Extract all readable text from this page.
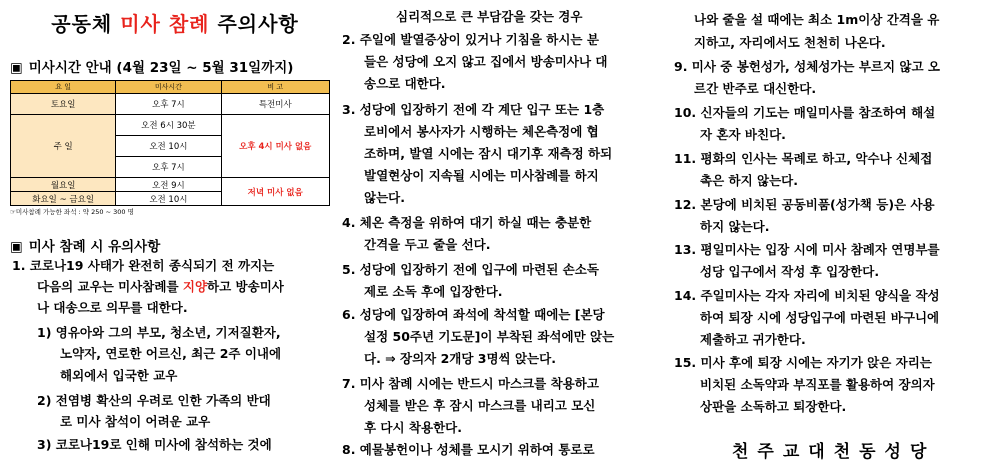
공동체 미사 참례 주의사항
▣ 미사시간 안내 (4월 23일 ~ 5월 31일까지)
요 일	미사시간	비 고
토요일	오후 7시	특전미사
주 일	오전 6시 30분	오후 4시 미사 없음
	오전 10시	
	오후 7시	
월요일	오전 9시	저녁 미사 없음
화요일 ~ 금요일	오전 10시	
☞미사참례 가능한 좌석 : 약 250 ~ 300 명
▣ 미사 참례 시 유의사항
1. 코로나19 사태가 완전히 종식되기 전 까지는
다음의 교우는 미사참례를 지양하고 방송미사
나 대송으로 의무를 대한다.
1) 영유아와 그의 부모, 청소년, 기저질환자,
노약자, 연로한 어르신, 최근 2주 이내에
해외에서 입국한 교우
2) 전염병 확산의 우려로 인한 가족의 반대
로 미사 참석이 어려운 교우
3) 코로나19로 인해 미사에 참석하는 것에
심리적으로 큰 부담감을 갖는 경우
2. 주일에 발열증상이 있거나 기침을 하시는 분
들은 성당에 오지 않고 집에서 방송미사나 대
송으로 대한다.
3. 성당에 입장하기 전에 각 계단 입구 또는 1층
로비에서 봉사자가 시행하는 체온측정에 협
조하며, 발열 시에는 잠시 대기후 재측정 하되
발열현상이 지속될 시에는 미사참례를 하지
않는다.
4. 체온 측정을 위하여 대기 하실 때는 충분한
간격을 두고 줄을 선다.
5. 성당에 입장하기 전에 입구에 마련된 손소독
제로 소독 후에 입장한다.
6. 성당에 입장하여 좌석에 착석할 때에는 [본당
설정 50주년 기도문]이 부착된 좌석에만 앉는
다. ⇒ 장의자 2개당 3명씩 앉는다.
7. 미사 참례 시에는 반드시 마스크를 착용하고
성체를 받은 후 잠시 마스크를 내리고 모신
후 다시 착용한다.
8. 예물봉헌이나 성체를 모시기 위하여 통로로
나와 줄을 설 때에는 최소 1m이상 간격을 유
지하고, 자리에서도 천천히 나온다.
9. 미사 중 봉헌성가, 성체성가는 부르지 않고 오
르간 반주로 대신한다.
10. 신자들의 기도는 매일미사를 참조하여 해설
자 혼자 바친다.
11. 평화의 인사는 목례로 하고, 악수나 신체접
촉은 하지 않는다.
12. 본당에 비치된 공동비품(성가책 등)은 사용
하지 않는다.
13. 평일미사는 입장 시에 미사 참례자 연명부를
성당 입구에서 작성 후 입장한다.
14. 주일미사는 각자 자리에 비치된 양식을 작성
하여 퇴장 시에 성당입구에 마련된 바구니에
제출하고 귀가한다.
15. 미사 후에 퇴장 시에는 자기가 앉은 자리는
비치된 소독약과 부직포를 활용하여 장의자
상판을 소독하고 퇴장한다.
천주교대천동성당
